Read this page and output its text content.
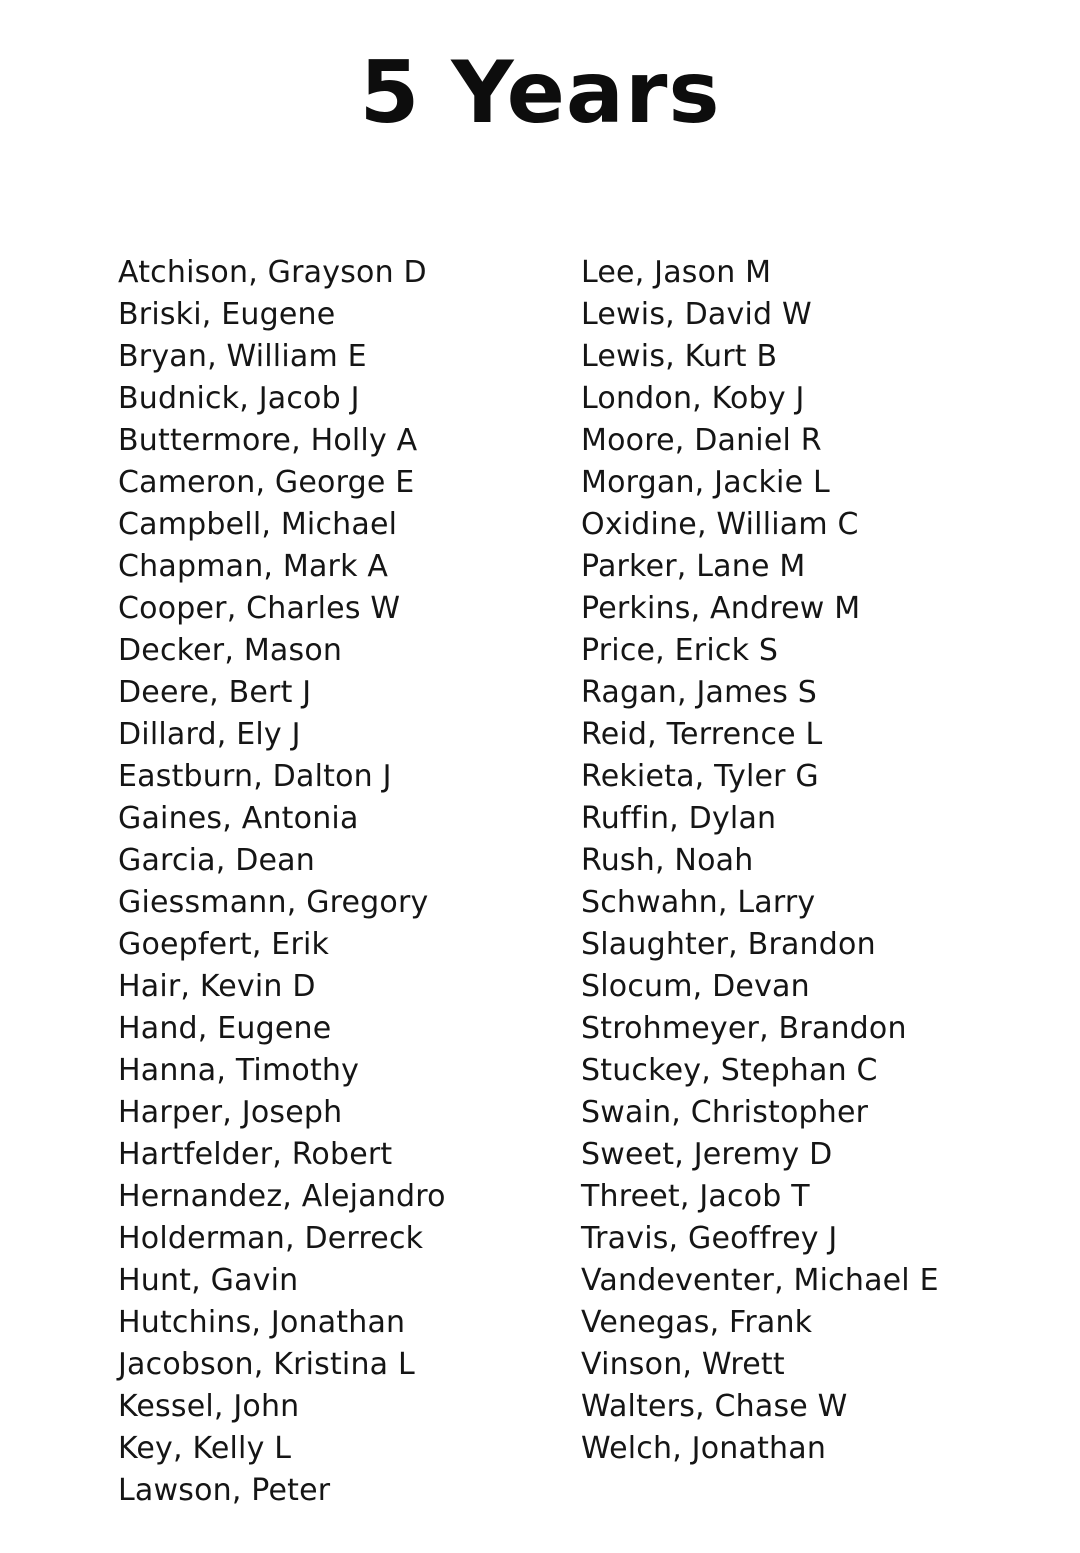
5 Years
Atchison, Grayson D
Briski, Eugene
Bryan, William E
Budnick, Jacob J
Buttermore, Holly A
Cameron, George E
Campbell, Michael
Chapman, Mark A
Cooper, Charles W
Decker, Mason
Deere, Bert J
Dillard, Ely J
Eastburn, Dalton J
Gaines, Antonia
Garcia, Dean
Giessmann, Gregory
Goepfert, Erik
Hair, Kevin D
Hand, Eugene
Hanna, Timothy
Harper, Joseph
Hartfelder, Robert
Hernandez, Alejandro
Holderman, Derreck
Hunt, Gavin
Hutchins, Jonathan
Jacobson, Kristina L
Kessel, John
Key, Kelly L
Lawson, Peter
Lee, Jason M
Lewis, David W
Lewis, Kurt B
London, Koby J
Moore, Daniel R
Morgan, Jackie L
Oxidine, William C
Parker, Lane M
Perkins, Andrew M
Price, Erick S
Ragan, James S
Reid, Terrence L
Rekieta, Tyler G
Ruffin, Dylan
Rush, Noah
Schwahn, Larry
Slaughter, Brandon
Slocum, Devan
Strohmeyer, Brandon
Stuckey, Stephan C
Swain, Christopher
Sweet, Jeremy D
Threet, Jacob T
Travis, Geoffrey J
Vandeventer, Michael E
Venegas, Frank
Vinson, Wrett
Walters, Chase W
Welch, Jonathan
